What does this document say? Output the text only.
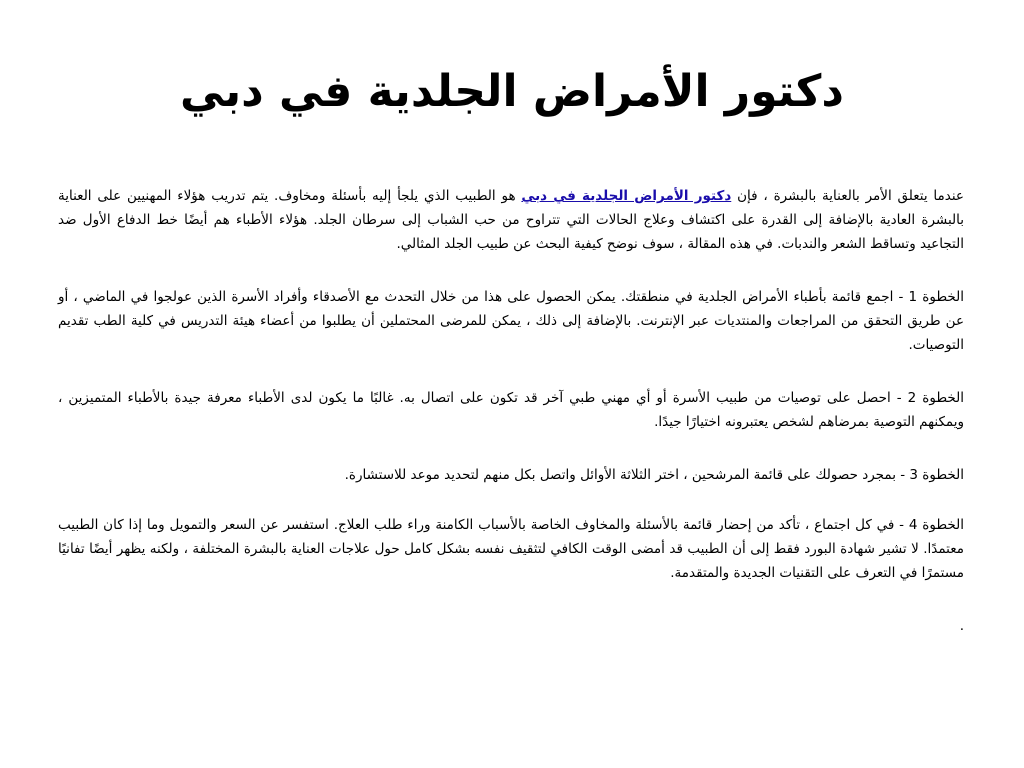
دكتور الأمراض الجلدية في دبي

عندما يتعلق الأمر بالعناية بالبشرة ، فإن دكتور الأمراض الجلدية في دبي هو الطبيب الذي يلجأ إليه بأسئلة ومخاوف. يتم تدريب هؤلاء المهنيين على العناية بالبشرة العادية بالإضافة إلى القدرة على اكتشاف وعلاج الحالات التي تتراوح من حب الشباب إلى سرطان الجلد. هؤلاء الأطباء هم أيضًا خط الدفاع الأول ضد التجاعيد وتساقط الشعر والندبات. في هذه المقالة ، سوف نوضح كيفية البحث عن طبيب الجلد المثالي.

الخطوة 1 - اجمع قائمة بأطباء الأمراض الجلدية في منطقتك. يمكن الحصول على هذا من خلال التحدث مع الأصدقاء وأفراد الأسرة الذين عولجوا في الماضي ، أو عن طريق التحقق من المراجعات والمنتديات عبر الإنترنت. بالإضافة إلى ذلك ، يمكن للمرضى المحتملين أن يطلبوا من أعضاء هيئة التدريس في كلية الطب تقديم التوصيات.

الخطوة 2 - احصل على توصيات من طبيب الأسرة أو أي مهني طبي آخر قد تكون على اتصال به. غالبًا ما يكون لدى الأطباء معرفة جيدة بالأطباء المتميزين ، ويمكنهم التوصية بمرضاهم لشخص يعتبرونه اختيارًا جيدًا.

الخطوة 3 - بمجرد حصولك على قائمة المرشحين ، اختر الثلاثة الأوائل واتصل بكل منهم لتحديد موعد للاستشارة.

الخطوة 4 - في كل اجتماع ، تأكد من إحضار قائمة بالأسئلة والمخاوف الخاصة بالأسباب الكامنة وراء طلب العلاج. استفسر عن السعر والتمويل وما إذا كان الطبيب معتمدًا. لا تشير شهادة البورد فقط إلى أن الطبيب قد أمضى الوقت الكافي لتثقيف نفسه بشكل كامل حول علاجات العناية بالبشرة المختلفة ، ولكنه يظهر أيضًا تفانيًا مستمرًا في التعرف على التقنيات الجديدة والمتقدمة.

.
